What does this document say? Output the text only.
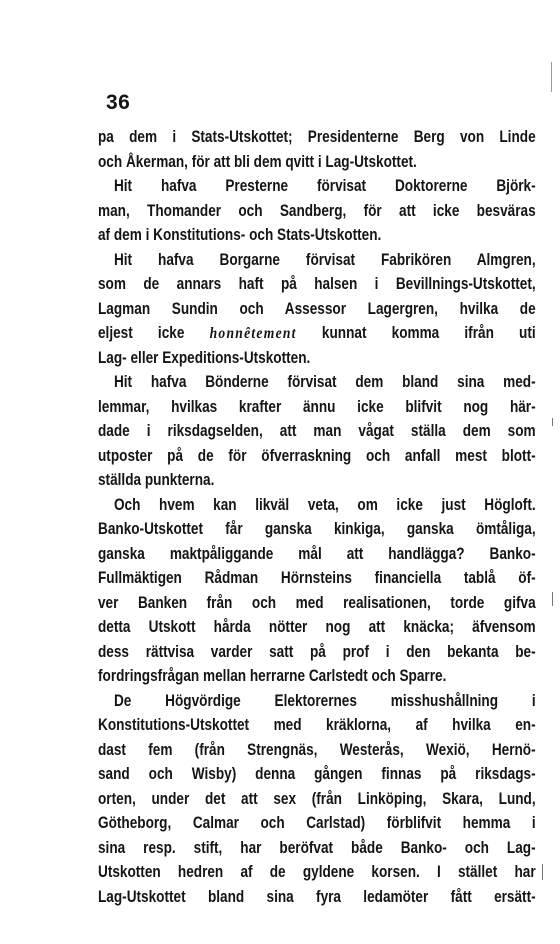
36
pa dem i Stats-Utskottet; Presidenterne Berg von Linde
och Åkerman, för att bli dem qvitt i Lag-Utskottet.
Hit hafva Presterne förvisat Doktorerne Björk-
man, Thomander och Sandberg, för att icke besväras
af dem i Konstitutions- och Stats-Utskotten.
Hit hafva Borgarne förvisat Fabrikören Almgren,
som de annars haft på halsen i Bevillnings-Utskottet,
Lagman Sundin och Assessor Lagergren, hvilka de
eljest icke honnêtement kunnat komma ifrån uti
Lag- eller Expeditions-Utskotten.
Hit hafva Bönderne förvisat dem bland sina med-
lemmar, hvilkas krafter ännu icke blifvit nog här-
dade i riksdagselden, att man vågat ställa dem som
utposter på de för öfverraskning och anfall mest blott-
ställda punkterna.
Och hvem kan likväl veta, om icke just Högloft.
Banko-Utskottet får ganska kinkiga, ganska ömtåliga,
ganska maktpåliggande mål att handlägga? Banko-
Fullmäktigen Rådman Hörnsteins financiella tablå öf-
ver Banken från och med realisationen, torde gifva
detta Utskott hårda nötter nog att knäcka; äfvensom
dess rättvisa varder satt på prof i den bekanta be-
fordringsfrågan mellan herrarne Carlstedt och Sparre.
De Högvördige Elektorernes misshushållning i
Konstitutions-Utskottet med kräklorna, af hvilka en-
dast fem (från Strengnäs, Westerås, Wexiö, Hernö-
sand och Wisby) denna gången finnas på riksdags-
orten, under det att sex (från Linköping, Skara, Lund,
Götheborg, Calmar och Carlstad) förblifvit hemma i
sina resp. stift, har beröfvat både Banko- och Lag-
Utskotten hedren af de gyldene korsen. I stället har
Lag-Utskottet bland sina fyra ledamöter fått ersätt-
